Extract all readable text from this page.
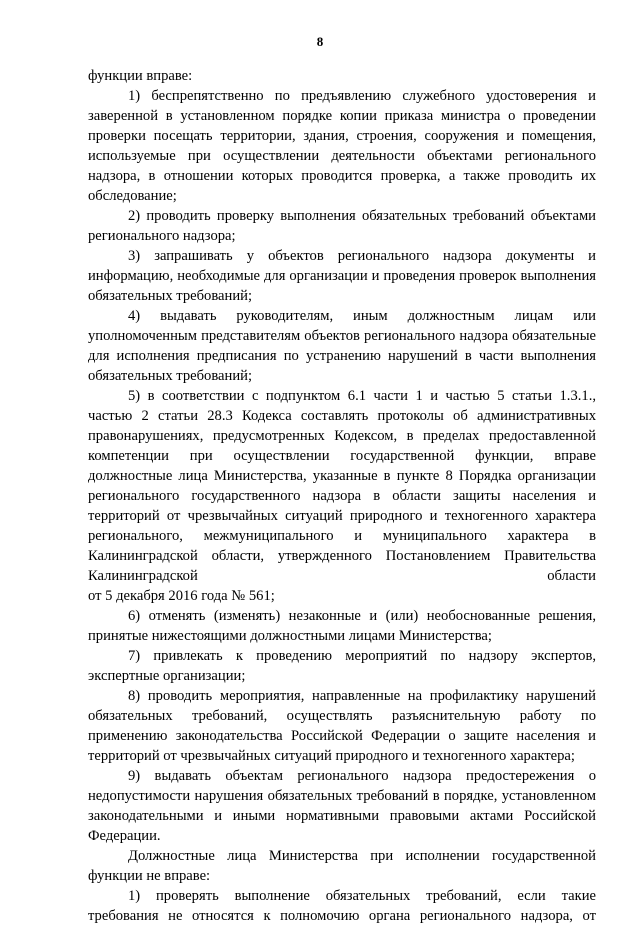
8

функции вправе:

1) беспрепятственно по предъявлению служебного удостоверения и заверенной в установленном порядке копии приказа министра о проведении проверки посещать территории, здания, строения, сооружения и помещения, используемые при осуществлении деятельности объектами регионального надзора, в отношении которых проводится проверка, а также проводить их обследование;

2) проводить проверку выполнения обязательных требований объектами регионального надзора;

3) запрашивать у объектов регионального надзора документы и информацию, необходимые для организации и проведения проверок выполнения обязательных требований;

4) выдавать руководителям, иным должностным лицам или уполномоченным представителям объектов регионального надзора обязательные для исполнения предписания по устранению нарушений в части выполнения обязательных требований;

5) в соответствии с подпунктом 6.1 части 1 и частью 5 статьи 1.3.1., частью 2 статьи 28.3 Кодекса составлять протоколы об административных правонарушениях, предусмотренных Кодексом, в пределах предоставленной компетенции при осуществлении государственной функции, вправе должностные лица Министерства, указанные в пункте 8 Порядка организации регионального государственного надзора в области защиты населения и территорий от чрезвычайных ситуаций природного и техногенного характера регионального, межмуниципального и муниципального характера в Калининградской области, утвержденного Постановлением Правительства Калининградской области

от 5 декабря 2016 года № 561;

6) отменять (изменять) незаконные и (или) необоснованные решения, принятые нижестоящими должностными лицами Министерства;

7) привлекать к проведению мероприятий по надзору экспертов, экспертные организации;

8) проводить мероприятия, направленные на профилактику нарушений обязательных требований, осуществлять разъяснительную работу по применению законодательства Российской Федерации о защите населения и территорий от чрезвычайных ситуаций природного и техногенного характера;

9) выдавать объектам регионального надзора предостережения о недопустимости нарушения обязательных требований в порядке, установленном законодательными и иными нормативными правовыми актами Российской Федерации.

Должностные лица Министерства при исполнении государственной функции не вправе:

1) проверять выполнение обязательных требований, если такие требования не относятся к полномочию органа регионального надзора, от
